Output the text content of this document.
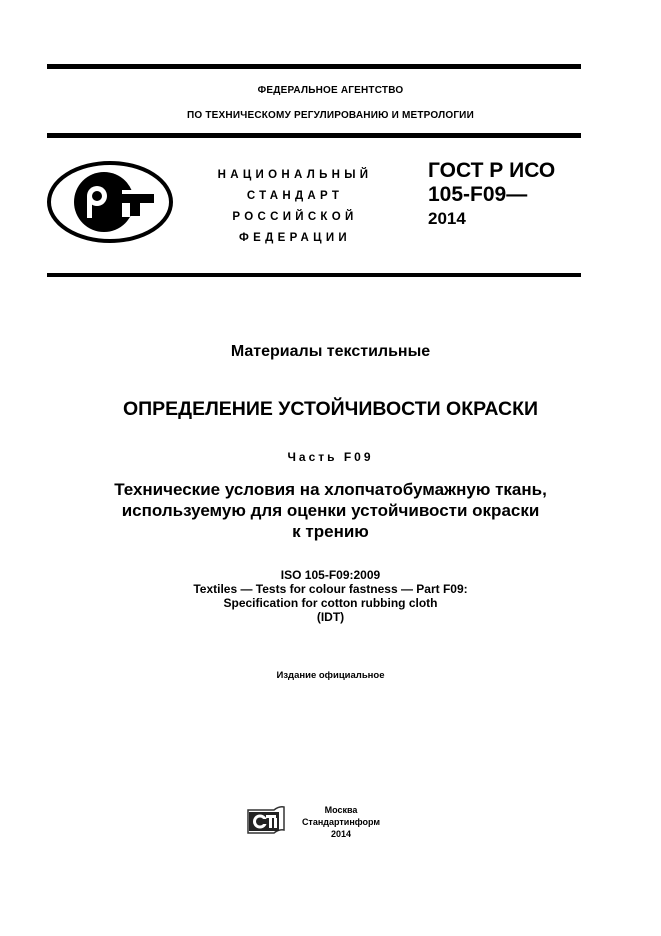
ФЕДЕРАЛЬНОЕ АГЕНТСТВО
ПО ТЕХНИЧЕСКОМУ РЕГУЛИРОВАНИЮ И МЕТРОЛОГИИ
НАЦИОНАЛЬНЫЙ
СТАНДАРТ
РОССИЙСКОЙ
ФЕДЕРАЦИИ
ГОСТ Р ИСО
105-F09—
2014
Материалы текстильные
ОПРЕДЕЛЕНИЕ УСТОЙЧИВОСТИ ОКРАСКИ
Часть F09
Технические условия на хлопчатобумажную ткань,
используемую для оценки устойчивости окраски
к трению
ISO 105-F09:2009
Textiles — Tests for colour fastness — Part F09:
Specification for cotton rubbing cloth
(IDT)
Издание официальное
Москва
Стандартинформ
2014
